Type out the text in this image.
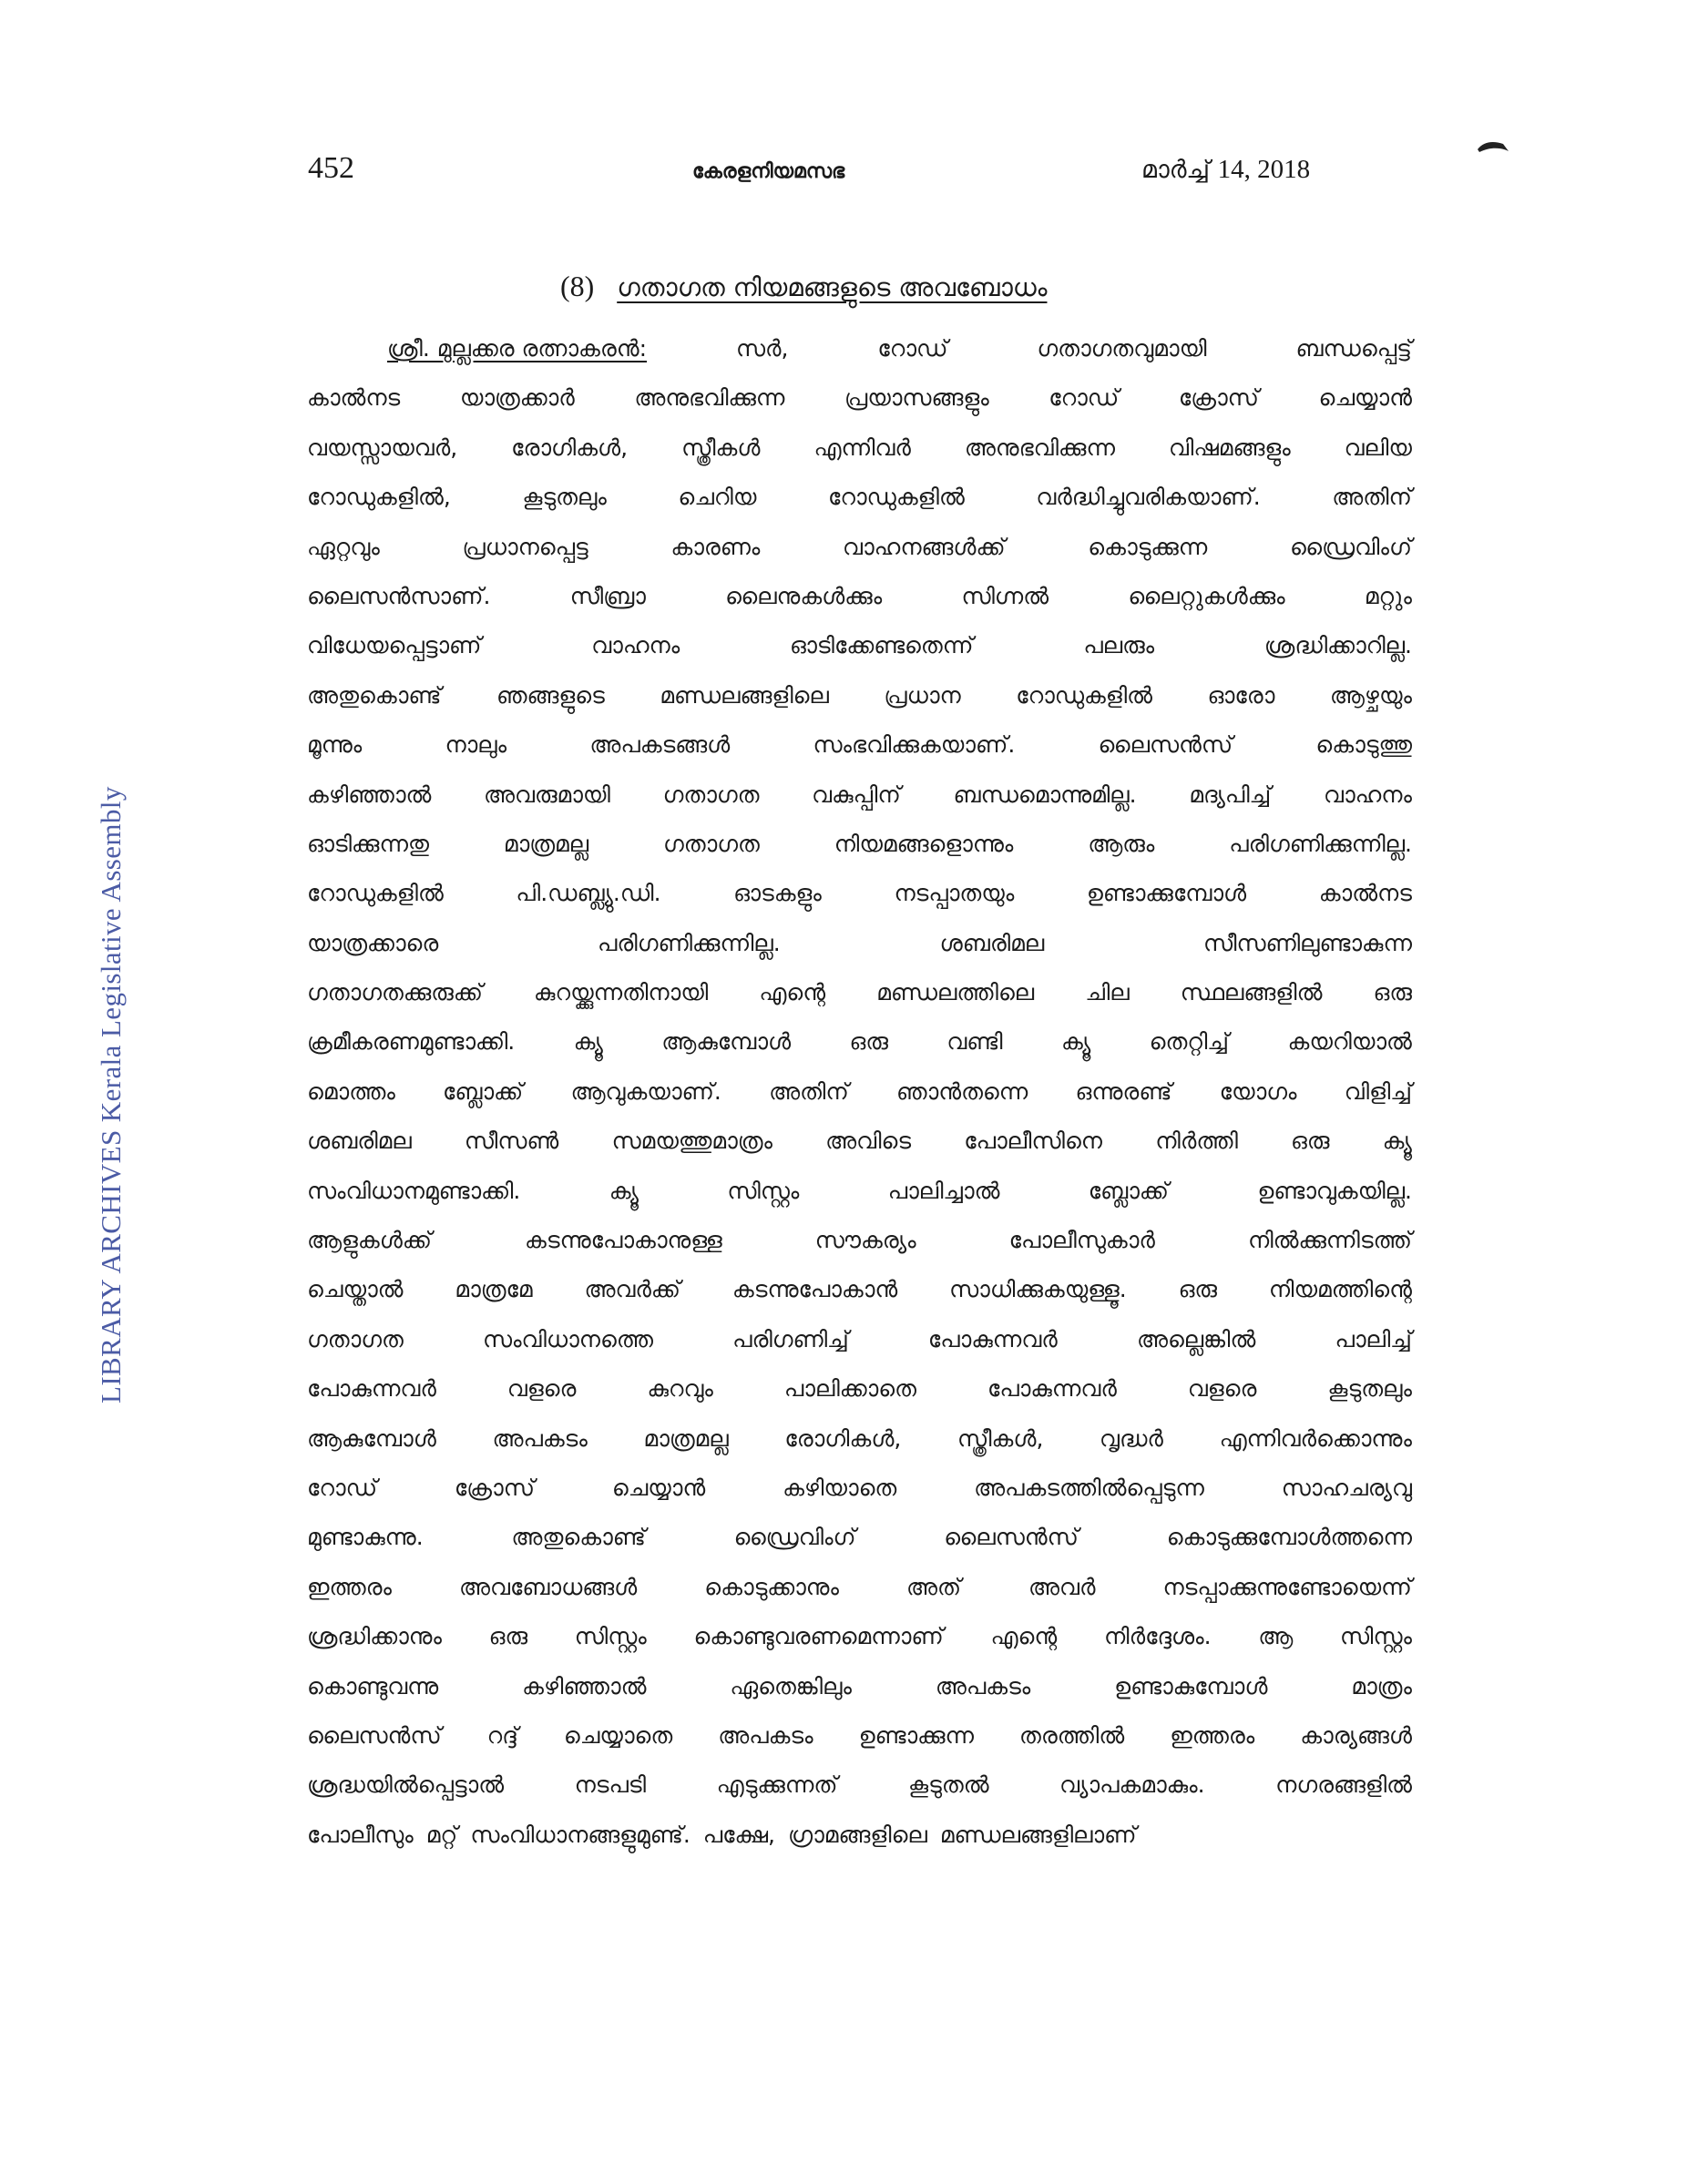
452	കേരളനിയമസഭ	മാർച്ച് 14, 2018
LIBRARY ARCHIVES Kerala Legislative Assembly
(8) ഗതാഗത നിയമങ്ങളുടെ അവബോധം
ശ്രീ. മുല്ലക്കര രത്നാകരൻ:	സർ,	റോഡ്	ഗതാഗതവുമായി	ബന്ധപ്പെട്ട്
കാൽനട	യാത്രക്കാർ	അനുഭവിക്കുന്ന	പ്രയാസങ്ങളും	റോഡ്	ക്രോസ്	ചെയ്യാൻ
വയസ്സായവർ, രോഗികൾ, സ്ത്രീകൾ എന്നിവർ അനുഭവിക്കുന്ന വിഷമങ്ങളും വലിയ
റോഡുകളിൽ,	കൂടുതലും	ചെറിയ	റോഡുകളിൽ	വർദ്ധിച്ചുവരികയാണ്.	അതിന്
ഏറ്റവും	പ്രധാനപ്പെട്ട	കാരണം	വാഹനങ്ങൾക്ക്	കൊടുക്കുന്ന	ഡ്രൈവിംഗ്
ലൈസൻസാണ്.	സീബ്രാ	ലൈനുകൾക്കും	സിഗ്നൽ	ലൈറ്റുകൾക്കും	മറ്റും
വിധേയപ്പെട്ടാണ്	വാഹനം	ഓടിക്കേണ്ടതെന്ന്	പലരും	ശ്രദ്ധിക്കാറില്ല.
അതുകൊണ്ട് ഞങ്ങളുടെ മണ്ഡലങ്ങളിലെ പ്രധാന റോഡുകളിൽ ഓരോ ആഴ്ചയും
മൂന്നും	നാലും	അപകടങ്ങൾ	സംഭവിക്കുകയാണ്.	ലൈസൻസ്	കൊടുത്തു
കഴിഞ്ഞാൽ അവരുമായി ഗതാഗത വകുപ്പിന് ബന്ധമൊന്നുമില്ല. മദ്യപിച്ച് വാഹനം
ഓടിക്കുന്നതു	മാത്രമല്ല	ഗതാഗത	നിയമങ്ങളൊന്നും	ആരും	പരിഗണിക്കുന്നില്ല.
റോഡുകളിൽ	പി.ഡബ്ല്യു.ഡി.	ഓടകളും	നടപ്പാതയും	ഉണ്ടാക്കുമ്പോൾ	കാൽനട
യാത്രക്കാരെ	പരിഗണിക്കുന്നില്ല.	ശബരിമല	സീസണിലുണ്ടാകുന്ന
ഗതാഗതക്കുരുക്ക് കുറയ്ക്കുന്നതിനായി എന്റെ മണ്ഡലത്തിലെ ചില സ്ഥലങ്ങളിൽ ഒരു
ക്രമീകരണമുണ്ടാക്കി.	ക്യൂ	ആകുമ്പോൾ	ഒരു	വണ്ടി	ക്യൂ	തെറ്റിച്ച്	കയറിയാൽ
മൊത്തം ബ്ലോക്ക് ആവുകയാണ്. അതിന് ഞാൻതന്നെ ഒന്നുരണ്ട് യോഗം വിളിച്ച്
ശബരിമല സീസൺ സമയത്തുമാത്രം അവിടെ പോലീസിനെ നിർത്തി ഒരു ക്യൂ
സംവിധാനമുണ്ടാക്കി.	ക്യൂ	സിസ്റ്റം	പാലിച്ചാൽ	ബ്ലോക്ക്	ഉണ്ടാവുകയില്ല.
ആളുകൾക്ക്	കടന്നുപോകാനുള്ള	സൗകര്യം	പോലീസുകാർ	നിൽക്കുന്നിടത്ത്
ചെയ്താൽ മാത്രമേ അവർക്ക് കടന്നുപോകാൻ സാധിക്കുകയുള്ളൂ. ഒരു നിയമത്തിന്റെ
ഗതാഗത	സംവിധാനത്തെ	പരിഗണിച്ച്	പോകുന്നവർ	അല്ലെങ്കിൽ	പാലിച്ച്
പോകുന്നവർ	വളരെ	കുറവും	പാലിക്കാതെ	പോകുന്നവർ	വളരെ	കൂടുതലും
ആകുമ്പോൾ അപകടം മാത്രമല്ല രോഗികൾ, സ്ത്രീകൾ, വൃദ്ധർ എന്നിവർക്കൊന്നും
റോഡ്	ക്രോസ്	ചെയ്യാൻ	കഴിയാതെ	അപകടത്തിൽപ്പെടുന്ന	സാഹചര്യവു
മുണ്ടാകുന്നു.	അതുകൊണ്ട്	ഡ്രൈവിംഗ്	ലൈസൻസ്	കൊടുക്കുമ്പോൾത്തന്നെ
ഇത്തരം	അവബോധങ്ങൾ	കൊടുക്കാനും	അത്	അവർ	നടപ്പാക്കുന്നുണ്ടോയെന്ന്
ശ്രദ്ധിക്കാനും ഒരു സിസ്റ്റം കൊണ്ടുവരണമെന്നാണ് എന്റെ നിർദ്ദേശം. ആ സിസ്റ്റം
കൊണ്ടുവന്നു	കഴിഞ്ഞാൽ	ഏതെങ്കിലും	അപകടം	ഉണ്ടാകുമ്പോൾ	മാത്രം
ലൈസൻസ് റദ്ദ് ചെയ്യാതെ അപകടം ഉണ്ടാക്കുന്ന തരത്തിൽ ഇത്തരം കാര്യങ്ങൾ
ശ്രദ്ധയിൽപ്പെട്ടാൽ	നടപടി	എടുക്കുന്നത്	കൂടുതൽ	വ്യാപകമാകും.	നഗരങ്ങളിൽ
പോലീസും മറ്റ് സംവിധാനങ്ങളുമുണ്ട്. പക്ഷേ, ഗ്രാമങ്ങളിലെ മണ്ഡലങ്ങളിലാണ്
